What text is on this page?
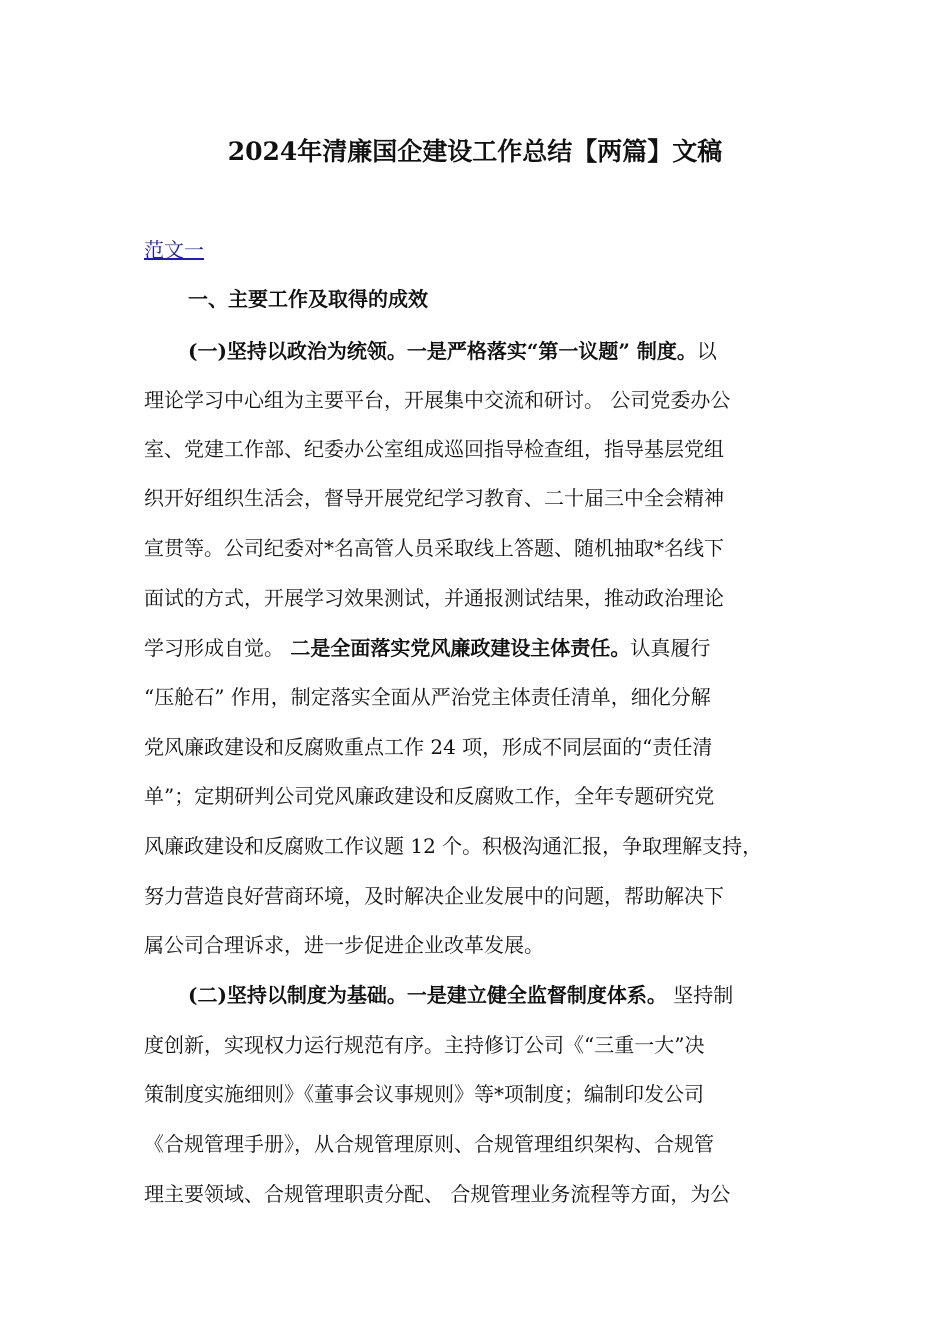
2024年清廉国企建设工作总结【两篇】文稿
范文一
一、主要工作及取得的成效
(一)坚持以政治为统领。一是严格落实“第一议题” 制度。以
理论学习中心组为主要平台，开展集中交流和研讨。 公司党委办公
室、党建工作部、纪委办公室组成巡回指导检查组，指导基层党组
织开好组织生活会，督导开展党纪学习教育、二十届三中全会精神
宣贯等。公司纪委对*名高管人员采取线上答题、随机抽取*名线下
面试的方式，开展学习效果测试，并通报测试结果，推动政治理论
学习形成自觉。 二是全面落实党风廉政建设主体责任。认真履行
“压舱石” 作用，制定落实全面从严治党主体责任清单，细化分解
党风廉政建设和反腐败重点工作 24 项，形成不同层面的“责任清
单”；定期研判公司党风廉政建设和反腐败工作，全年专题研究党
风廉政建设和反腐败工作议题 12 个。积极沟通汇报，争取理解支持，
努力营造良好营商环境，及时解决企业发展中的问题，帮助解决下
属公司合理诉求，进一步促进企业改革发展。
(二)坚持以制度为基础。一是建立健全监督制度体系。 坚持制
度创新，实现权力运行规范有序。主持修订公司《“三重一大”决
策制度实施细则》《董事会议事规则》等*项制度；编制印发公司
《合规管理手册》，从合规管理原则、合规管理组织架构、合规管
理主要领域、合规管理职责分配、 合规管理业务流程等方面，为公
